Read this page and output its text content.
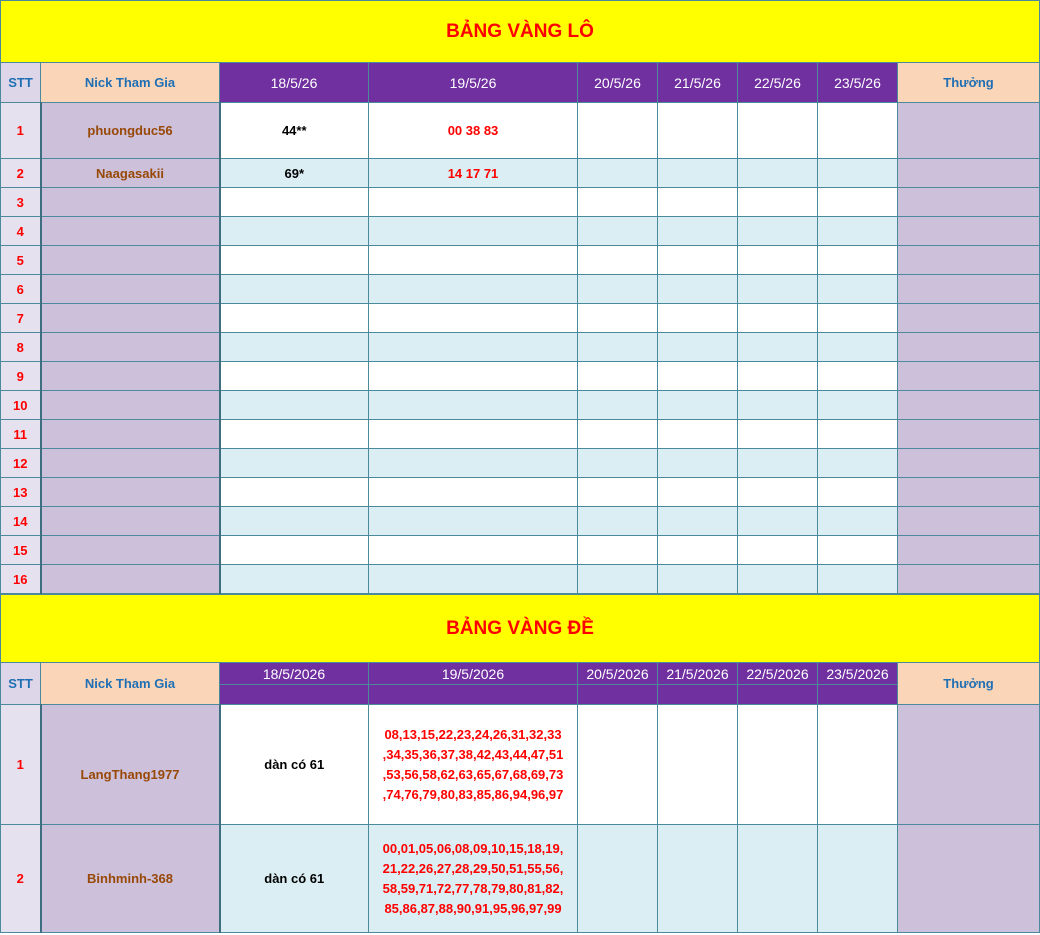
BẢNG VÀNG LÔ								
STT	Nick Tham Gia	18/5/26	19/5/26	20/5/26	21/5/26	22/5/26	23/5/26	Thưởng
1	phuongduc56	44**	00 38 83					
2	Naagasakii	69*	14 17 71					
3								
4								
5								
6								
7								
8								
9								
10								
11								
12								
13								
14								
15								
16								
BẢNG VÀNG ĐỀ								
STT	Nick Tham Gia	18/5/2026	19/5/2026	20/5/2026	21/5/2026	22/5/2026	23/5/2026	Thưởng

1	LangThang1977	dàn có 61	08,13,15,22,23,24,26,31,32,33
,34,35,36,37,38,42,43,44,47,51
,53,56,58,62,63,65,67,68,69,73
,74,76,79,80,83,85,86,94,96,97					

2	Binhminh-368	dàn có 61	00,01,05,06,08,09,10,15,18,19,
21,22,26,27,28,29,50,51,55,56,
58,59,71,72,77,78,79,80,81,82,
85,86,87,88,90,91,95,96,97,99					
